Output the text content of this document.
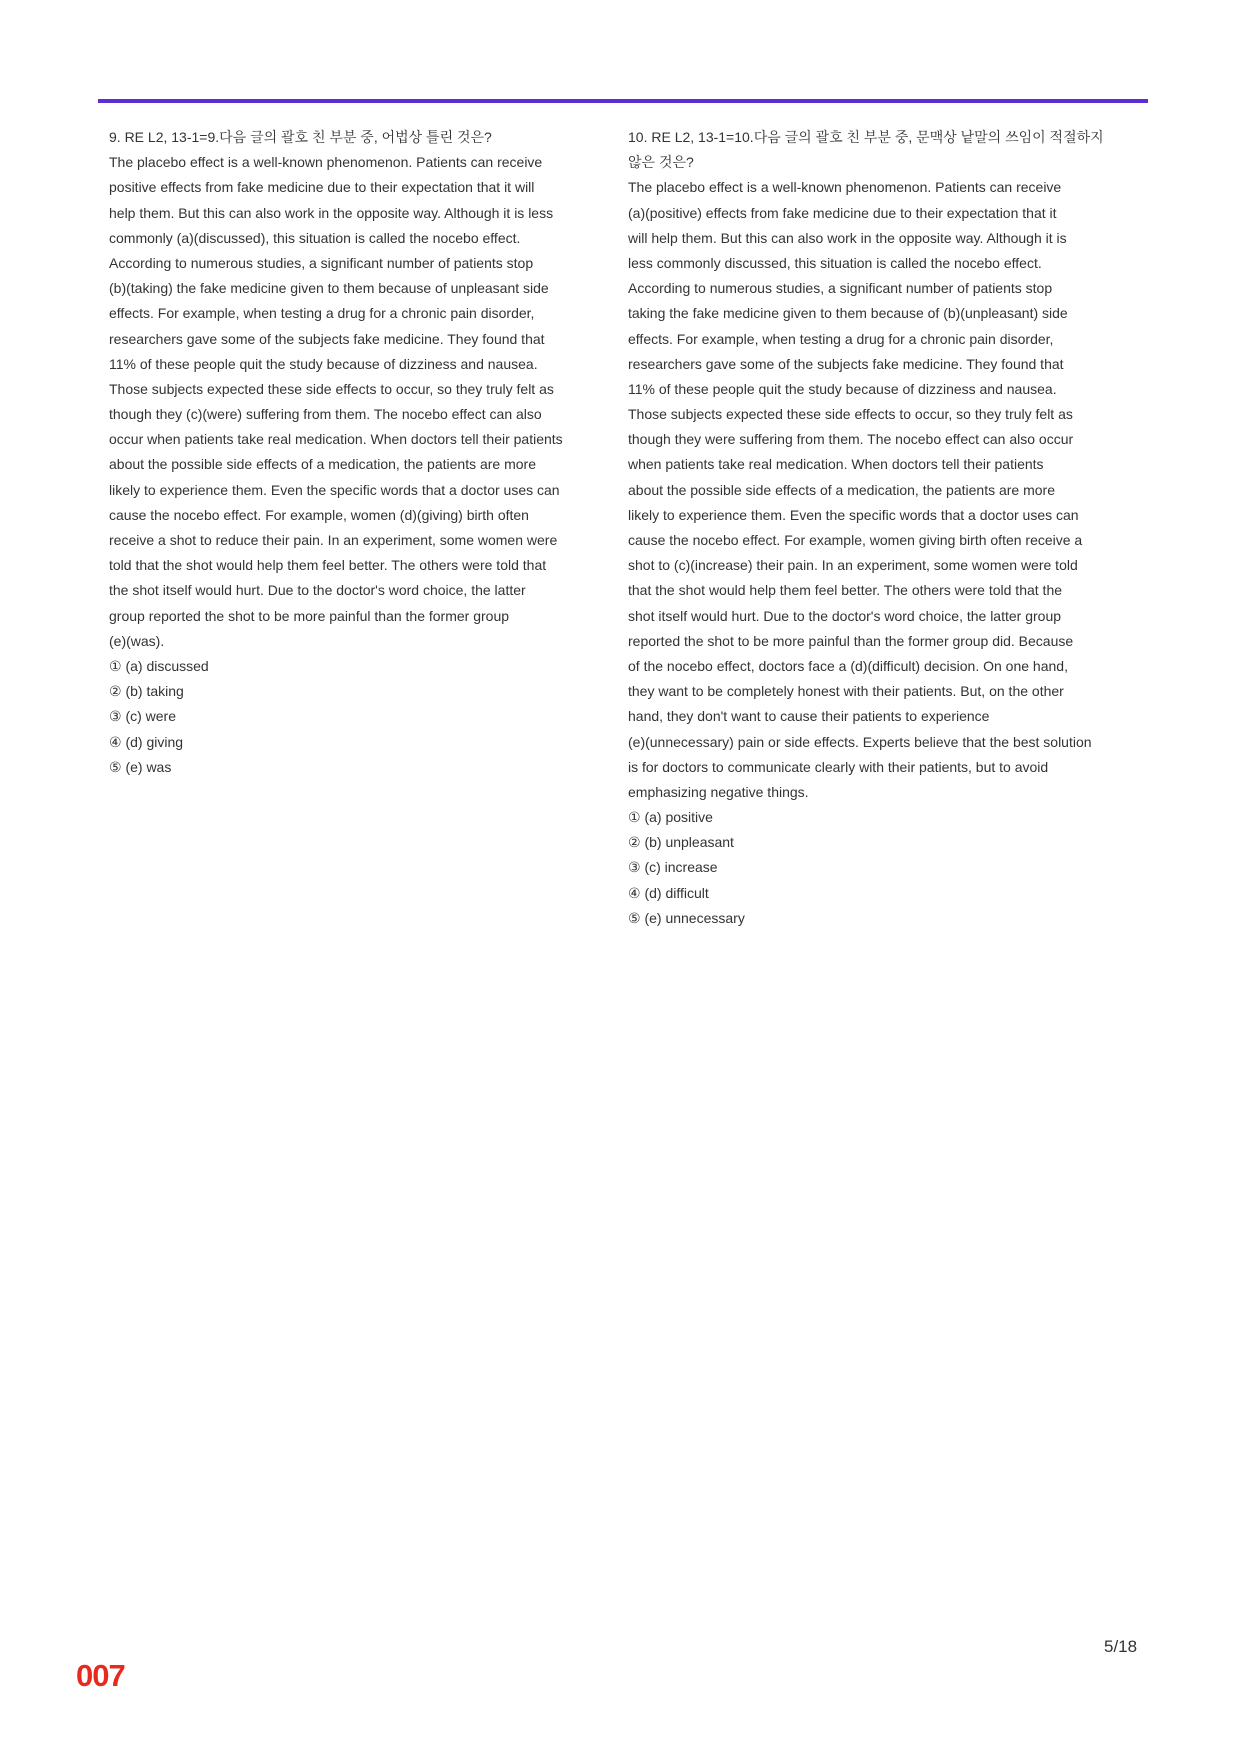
9. RE L2, 13-1=9.다음 글의 괄호 친 부분 중, 어법상 틀린 것은?
The placebo effect is a well-known phenomenon. Patients can receive
positive effects from fake medicine due to their expectation that it will
help them. But this can also work in the opposite way. Although it is less
commonly (a)(discussed), this situation is called the nocebo effect.
According to numerous studies, a significant number of patients stop
(b)(taking) the fake medicine given to them because of unpleasant side
effects. For example, when testing a drug for a chronic pain disorder,
researchers gave some of the subjects fake medicine. They found that
11% of these people quit the study because of dizziness and nausea.
Those subjects expected these side effects to occur, so they truly felt as
though they (c)(were) suffering from them. The nocebo effect can also
occur when patients take real medication. When doctors tell their patients
about the possible side effects of a medication, the patients are more
likely to experience them. Even the specific words that a doctor uses can
cause the nocebo effect. For example, women (d)(giving) birth often
receive a shot to reduce their pain. In an experiment, some women were
told that the shot would help them feel better. The others were told that
the shot itself would hurt. Due to the doctor's word choice, the latter
group reported the shot to be more painful than the former group
(e)(was).
① (a) discussed
② (b) taking
③ (c) were
④ (d) giving
⑤ (e) was
10. RE L2, 13-1=10.다음 글의 괄호 친 부분 중, 문맥상 낱말의 쓰임이 적절하지
않은 것은?
The placebo effect is a well-known phenomenon. Patients can receive
(a)(positive) effects from fake medicine due to their expectation that it
will help them. But this can also work in the opposite way. Although it is
less commonly discussed, this situation is called the nocebo effect.
According to numerous studies, a significant number of patients stop
taking the fake medicine given to them because of (b)(unpleasant) side
effects. For example, when testing a drug for a chronic pain disorder,
researchers gave some of the subjects fake medicine. They found that
11% of these people quit the study because of dizziness and nausea.
Those subjects expected these side effects to occur, so they truly felt as
though they were suffering from them. The nocebo effect can also occur
when patients take real medication. When doctors tell their patients
about the possible side effects of a medication, the patients are more
likely to experience them. Even the specific words that a doctor uses can
cause the nocebo effect. For example, women giving birth often receive a
shot to (c)(increase) their pain. In an experiment, some women were told
that the shot would help them feel better. The others were told that the
shot itself would hurt. Due to the doctor's word choice, the latter group
reported the shot to be more painful than the former group did. Because
of the nocebo effect, doctors face a (d)(difficult) decision. On one hand,
they want to be completely honest with their patients. But, on the other
hand, they don't want to cause their patients to experience
(e)(unnecessary) pain or side effects. Experts believe that the best solution
is for doctors to communicate clearly with their patients, but to avoid
emphasizing negative things.
① (a) positive
② (b) unpleasant
③ (c) increase
④ (d) difficult
⑤ (e) unnecessary
5/18
007
